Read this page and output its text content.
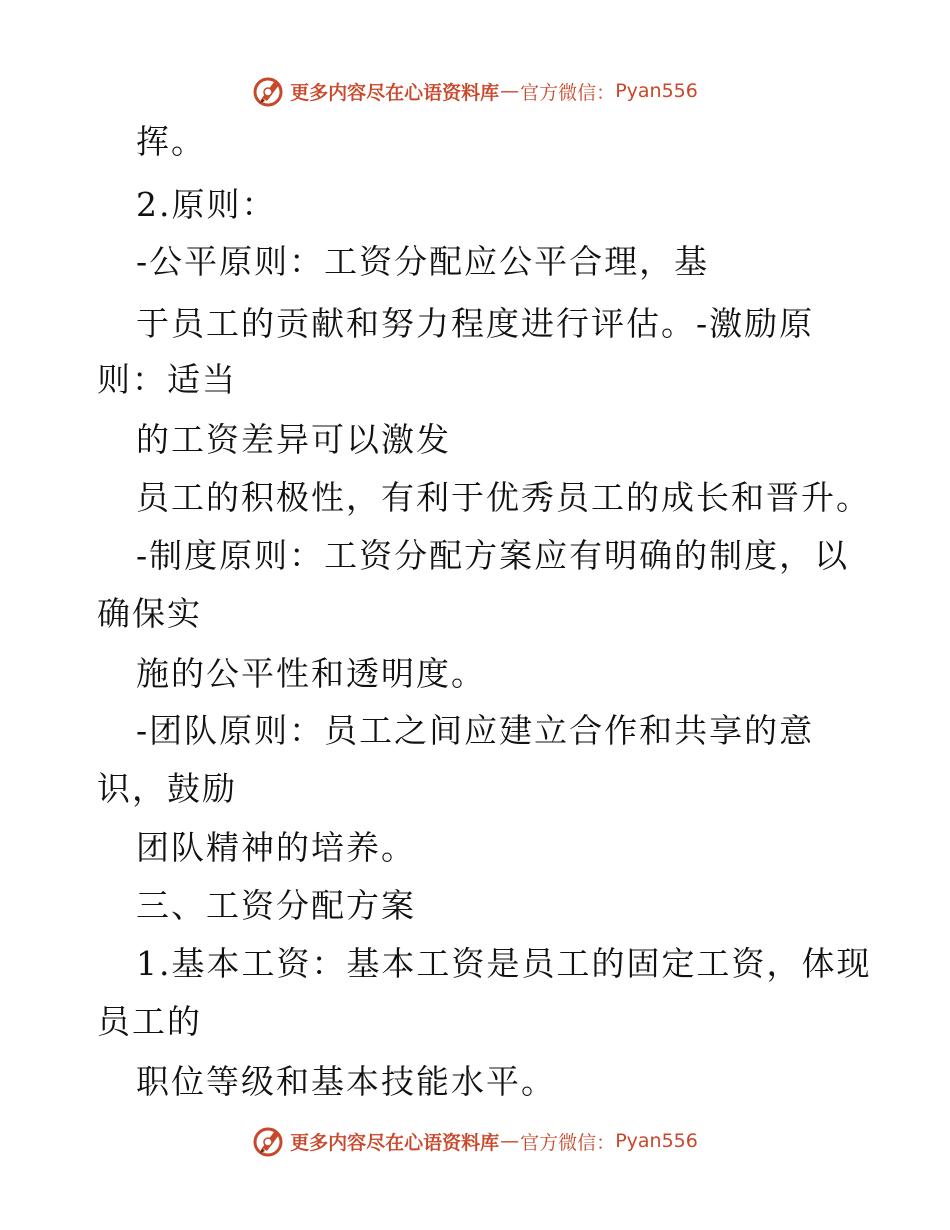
更多内容尽在心语资料库 — 官方微信： Pyan556
挥。
2.原则：
-公平原则：工资分配应公平合理，基
于员工的贡献和努力程度进行评估。-激励原
则：适当
的工资差异可以激发
员工的积极性，有利于优秀员工的成长和晋升。
-制度原则：工资分配方案应有明确的制度，以
确保实
施的公平性和透明度。
-团队原则：员工之间应建立合作和共享的意
识，鼓励
团队精神的培养。
三、工资分配方案
1.基本工资：基本工资是员工的固定工资，体现
员工的
职位等级和基本技能水平。
更多内容尽在心语资料库 — 官方微信： Pyan556
